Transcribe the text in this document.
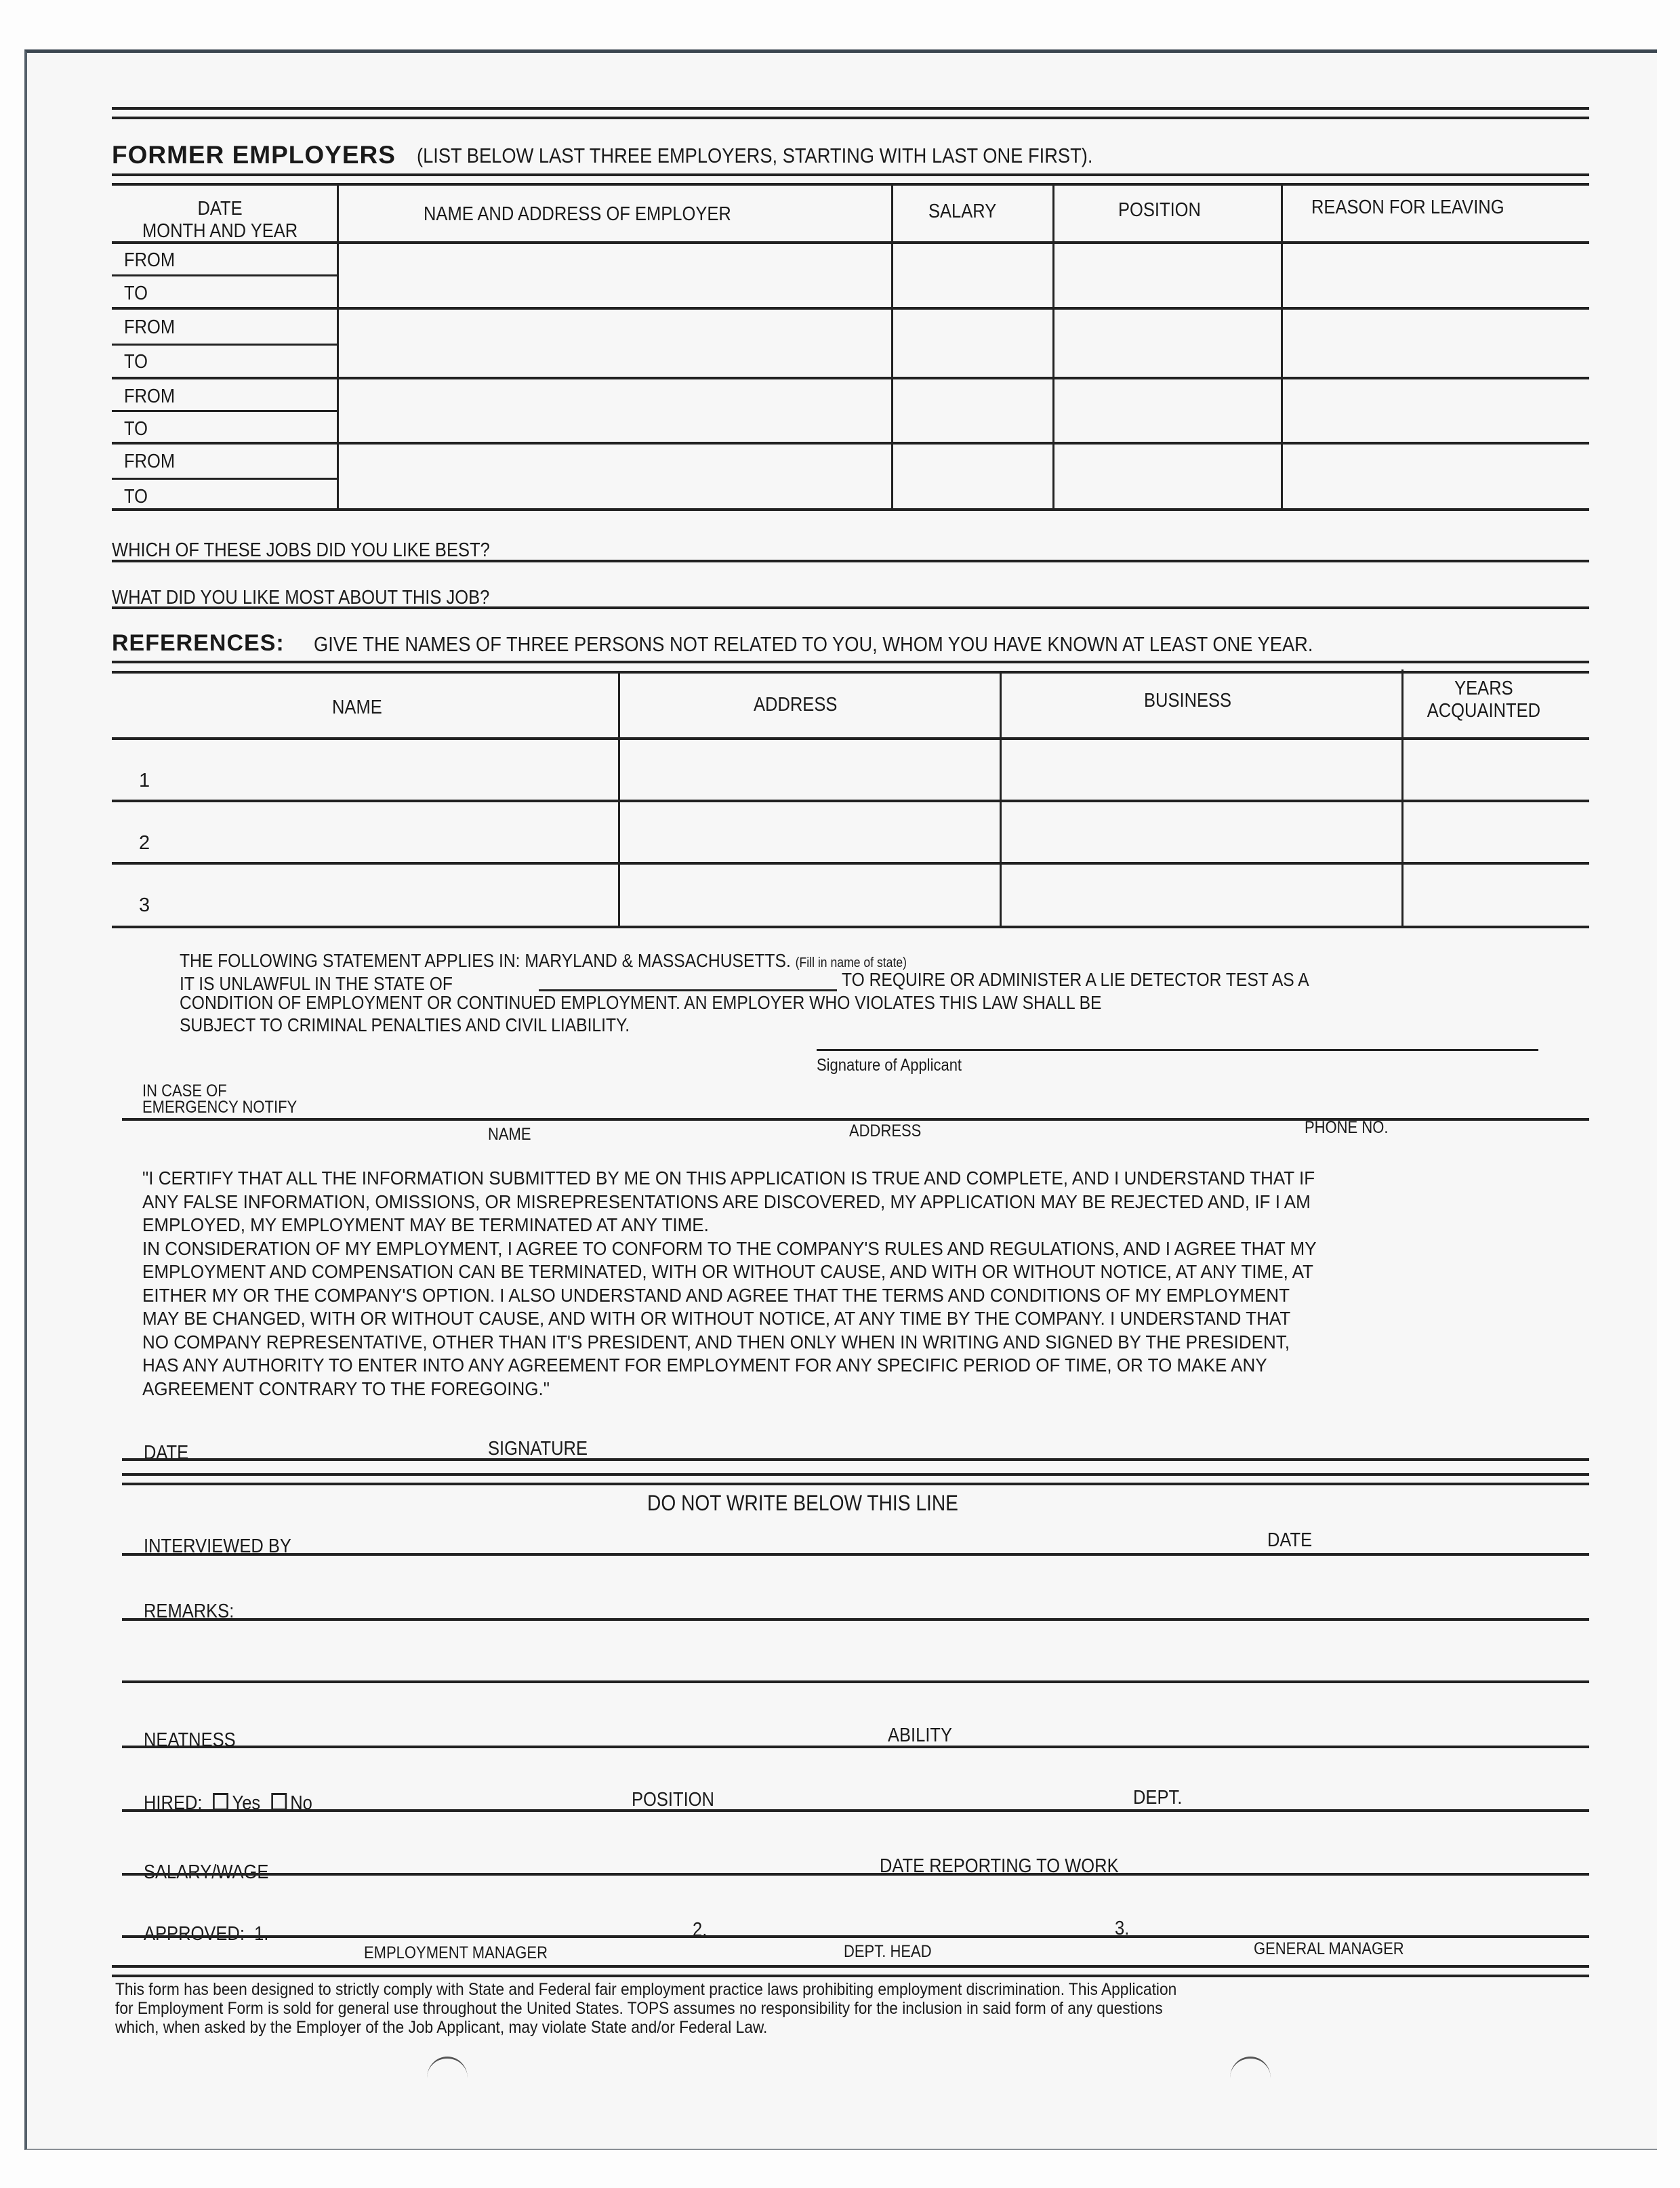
FORMER EMPLOYERS (LIST BELOW LAST THREE EMPLOYERS, STARTING WITH LAST ONE FIRST).
DATE
MONTH AND YEAR
NAME AND ADDRESS OF EMPLOYER	SALARY	POSITION	REASON FOR LEAVING
FROM
TO
FROM
TO
FROM
TO
FROM
TO
WHICH OF THESE JOBS DID YOU LIKE BEST?
WHAT DID YOU LIKE MOST ABOUT THIS JOB?
REFERENCES: GIVE THE NAMES OF THREE PERSONS NOT RELATED TO YOU, WHOM YOU HAVE KNOWN AT LEAST ONE YEAR.
NAME	ADDRESS	BUSINESS
YEARS
ACQUAINTED
1
2
3
THE FOLLOWING STATEMENT APPLIES IN: MARYLAND & MASSACHUSETTS. (Fill in name of state)
IT IS UNLAWFUL IN THE STATE OF	TO REQUIRE OR ADMINISTER A LIE DETECTOR TEST AS A
CONDITION OF EMPLOYMENT OR CONTINUED EMPLOYMENT. AN EMPLOYER WHO VIOLATES THIS LAW SHALL BE
SUBJECT TO CRIMINAL PENALTIES AND CIVIL LIABILITY.
Signature of Applicant
IN CASE OF
EMERGENCY NOTIFY
NAME	ADDRESS	PHONE NO.
"I CERTIFY THAT ALL THE INFORMATION SUBMITTED BY ME ON THIS APPLICATION IS TRUE AND COMPLETE, AND I UNDERSTAND THAT IF
ANY FALSE INFORMATION, OMISSIONS, OR MISREPRESENTATIONS ARE DISCOVERED, MY APPLICATION MAY BE REJECTED AND, IF I AM
EMPLOYED, MY EMPLOYMENT MAY BE TERMINATED AT ANY TIME.
IN CONSIDERATION OF MY EMPLOYMENT, I AGREE TO CONFORM TO THE COMPANY'S RULES AND REGULATIONS, AND I AGREE THAT MY
EMPLOYMENT AND COMPENSATION CAN BE TERMINATED, WITH OR WITHOUT CAUSE, AND WITH OR WITHOUT NOTICE, AT ANY TIME, AT
EITHER MY OR THE COMPANY'S OPTION. I ALSO UNDERSTAND AND AGREE THAT THE TERMS AND CONDITIONS OF MY EMPLOYMENT
MAY BE CHANGED, WITH OR WITHOUT CAUSE, AND WITH OR WITHOUT NOTICE, AT ANY TIME BY THE COMPANY. I UNDERSTAND THAT
NO COMPANY REPRESENTATIVE, OTHER THAN IT'S PRESIDENT, AND THEN ONLY WHEN IN WRITING AND SIGNED BY THE PRESIDENT,
HAS ANY AUTHORITY TO ENTER INTO ANY AGREEMENT FOR EMPLOYMENT FOR ANY SPECIFIC PERIOD OF TIME, OR TO MAKE ANY
AGREEMENT CONTRARY TO THE FOREGOING."
DATE	SIGNATURE
DO NOT WRITE BELOW THIS LINE
INTERVIEWED BY	DATE
REMARKS:
NEATNESS	ABILITY
HIRED: Yes No	POSITION	DEPT.
SALARY/WAGE	DATE REPORTING TO WORK
APPROVED: 1.	2.	3.
EMPLOYMENT MANAGER	DEPT. HEAD	GENERAL MANAGER
This form has been designed to strictly comply with State and Federal fair employment practice laws prohibiting employment discrimination. This Application
for Employment Form is sold for general use throughout the United States. TOPS assumes no responsibility for the inclusion in said form of any questions
which, when asked by the Employer of the Job Applicant, may violate State and/or Federal Law.
